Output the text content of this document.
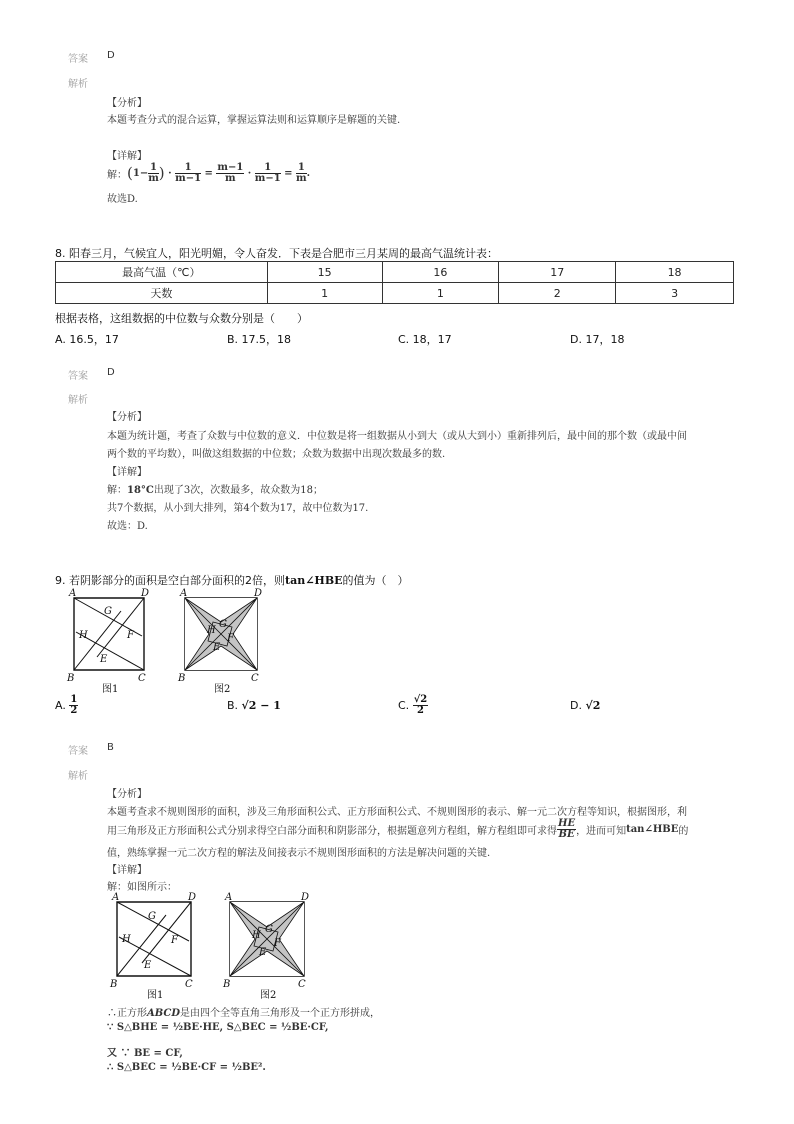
答案 D
解析
【分析】
本题考查分式的混合运算，掌握运算法则和运算顺序是解题的关键.
【详解】
解： ( $1- \frac{1}{m}$ ) · $\frac{1}{m-1} = \frac{m-1}{m} \cdot \frac{1}{m-1} = \frac{1}{m}$ .
故选D.
8. 阳春三月，气候宜人，阳光明媚，令人奋发．下表是合肥市三月某周的最高气温统计表：
最高气温（℃）	15	16	17	18
天数	1	1	2	3
根据表格，这组数据的中位数与众数分别是（　　）
A. 16.5，17	B. 17.5，18	C. 18，17	D. 17，18
答案 D
解析
【分析】
本题为统计题，考查了众数与中位数的意义．中位数是将一组数据从小到大（或从大到小）重新排列后，最中间的那个数（或最中间
两个数的平均数），叫做这组数据的中位数；众数为数据中出现次数最多的数.
【详解】
解：18°C出现了3次，次数最多，故众数为18；
共7个数据，从小到大排列，第4个数为17，故中位数为17.
故选：D.
9. 若阴影部分的面积是空白部分面积的2倍，则tan∠HBE的值为（　）
A	D
B	C
G
H	F
E
图1
A	D
B	C
G
H
F
E
图2
A.
$\frac{1}{2}$	B. √2 − 1	C.
$\frac{√2}{2}$	D. √2
答案 B
解析
【分析】
本题考查求不规则图形的面积，涉及三角形面积公式、正方形面积公式、不规则图形的表示、解一元二次方程等知识，根据图形，利
用三角形及正方形面积公式分别求得空白部分面积和阴影部分，根据题意列方程组，解方程组即可求得 $\frac{HE}{BE}$ ，进而可知 tan∠HBE 的
值，熟练掌握一元二次方程的解法及间接表示不规则图形面积的方法是解决问题的关键.
【详解】
解：如图所示：
A	D
B	C
G
H	F
E
图1
A	D
B	C
G
H
F
E
图2
∴正方形ABCD是由四个全等直角三角形及一个正方形拼成，
∵ S△BHE = ½BE·HE, S△BEC = ½BE·CF,
又 ∵ BE = CF,
∴ S△BEC = ½BE·CF = ½BE².
